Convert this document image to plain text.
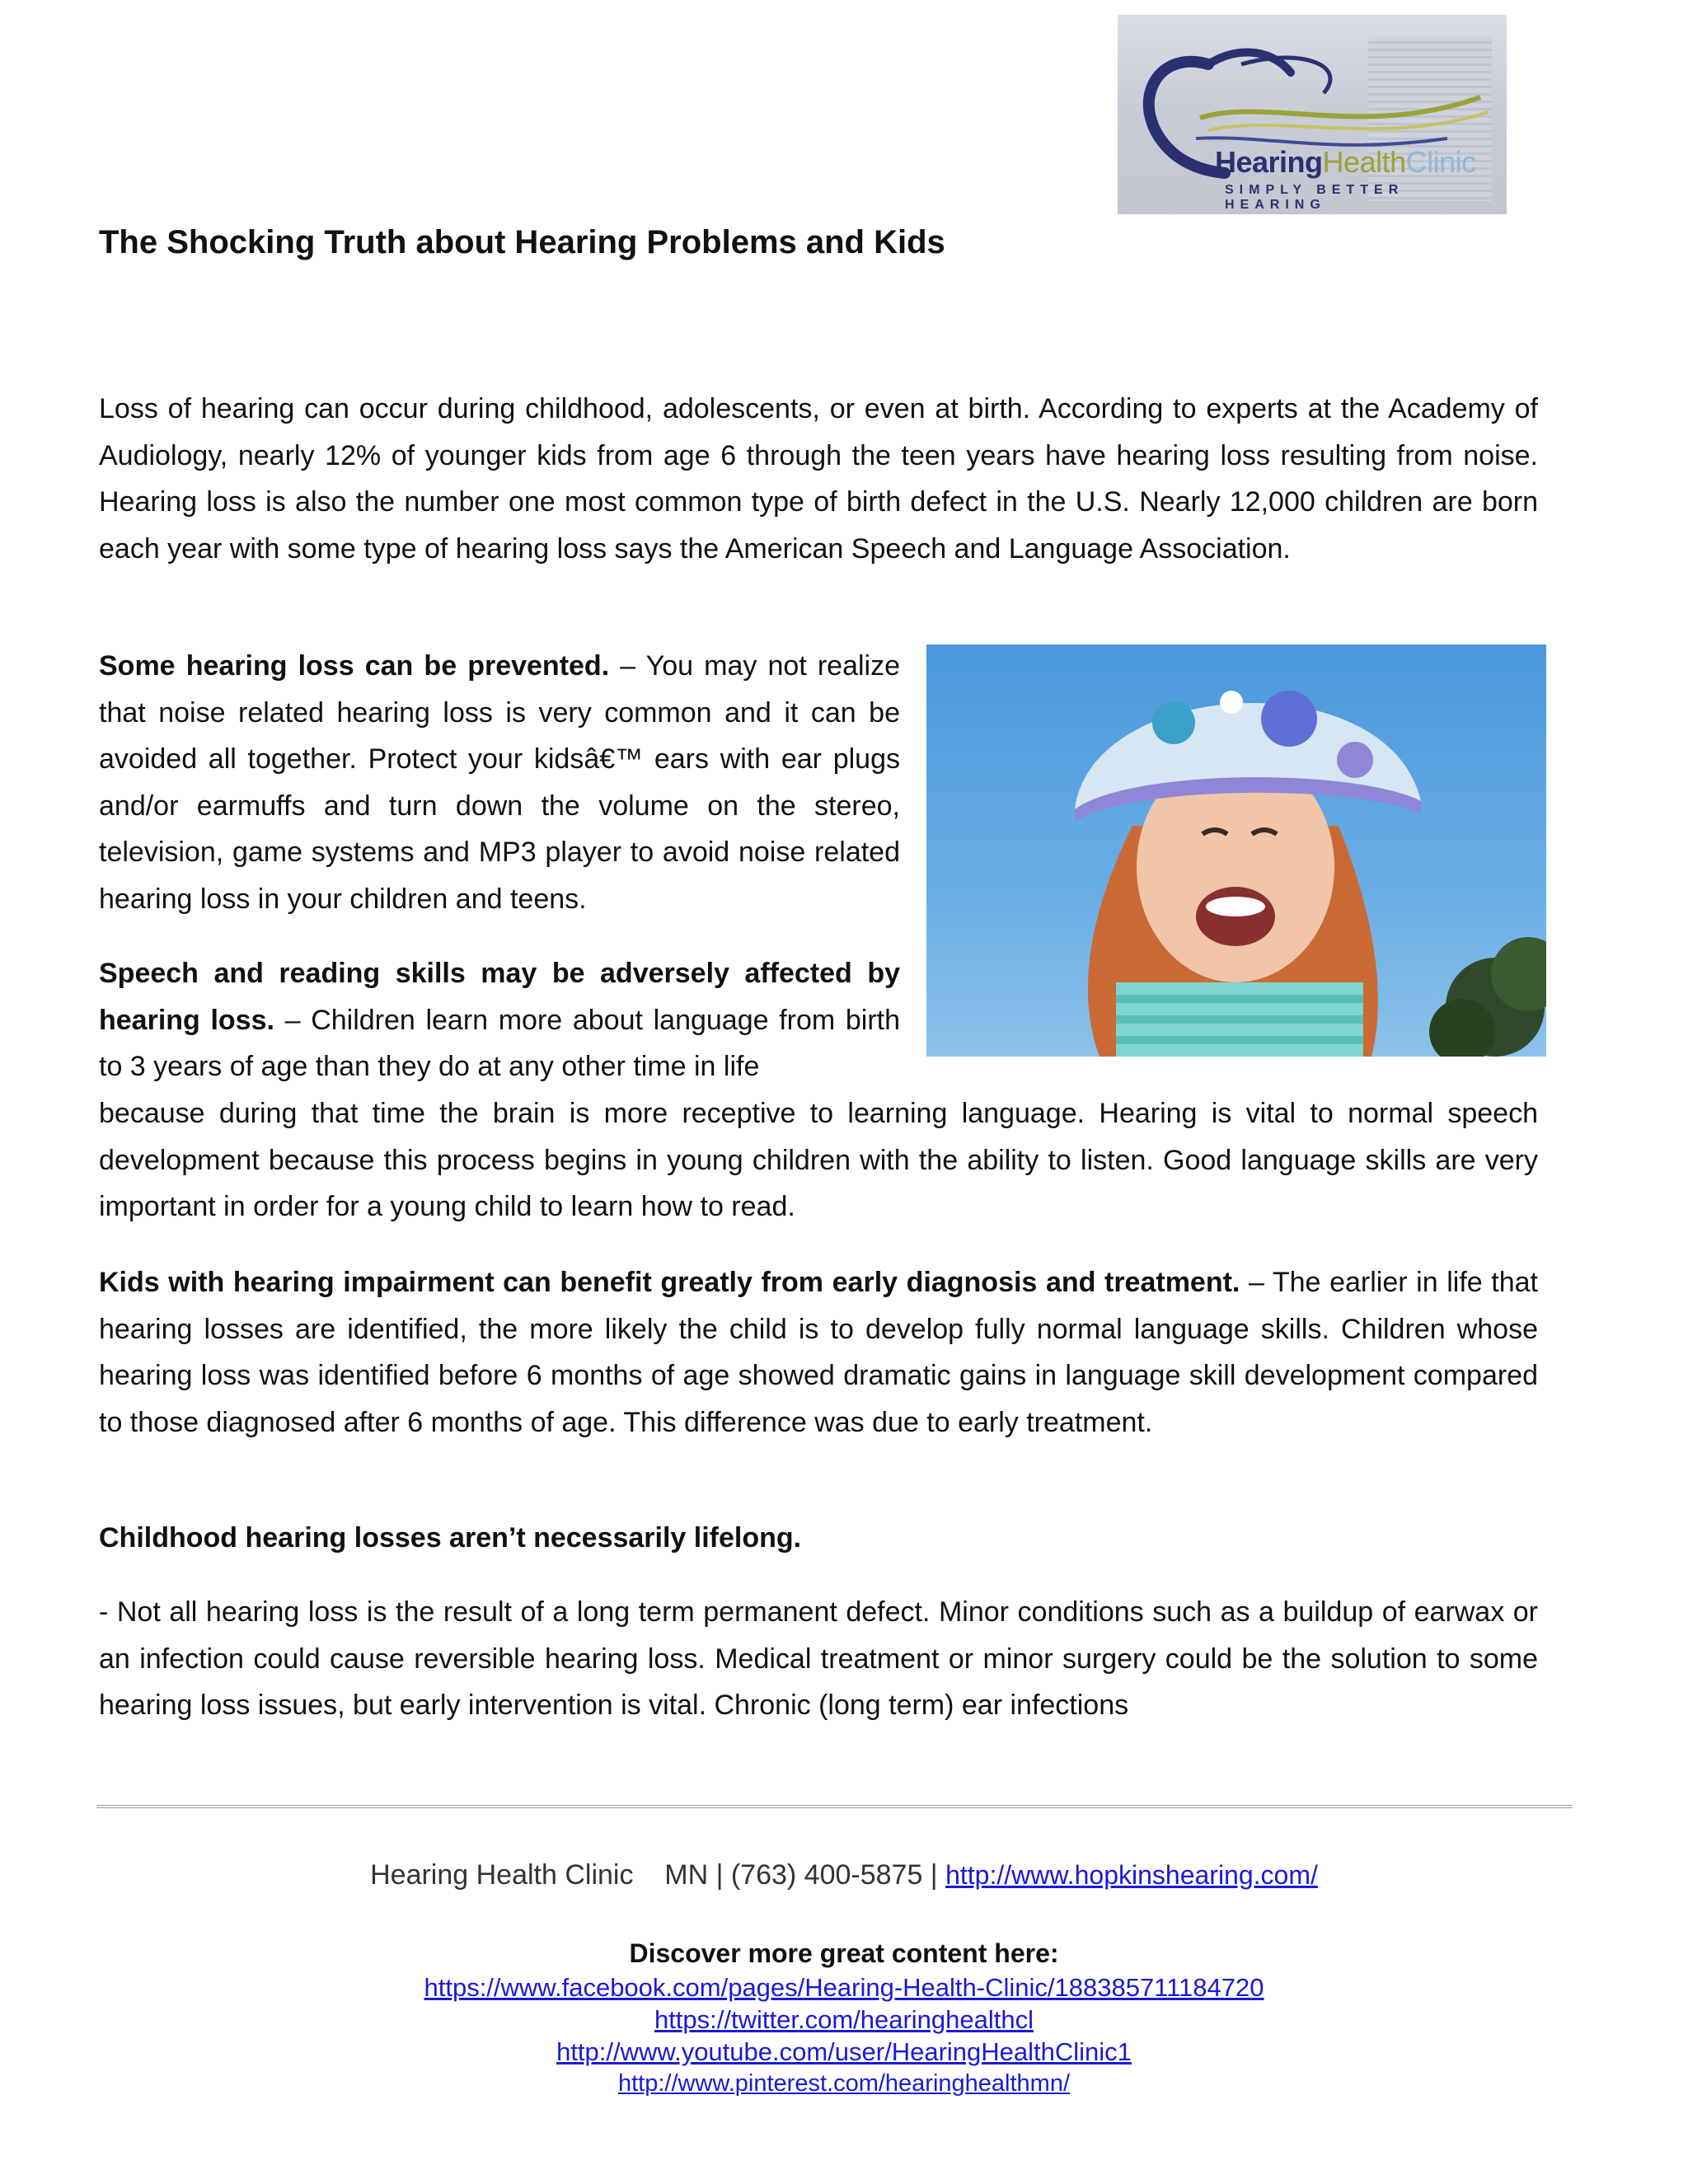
HearingHealthClinic
SIMPLY BETTER HEARING
The Shocking Truth about Hearing Problems and Kids

Loss of hearing can occur during childhood, adolescents, or even at birth. According to experts at the Academy of Audiology, nearly 12% of younger kids from age 6 through the teen years have hearing loss resulting from noise. Hearing loss is also the number one most common type of birth defect in the U.S. Nearly 12,000 children are born each year with some type of hearing loss says the American Speech and Language Association.

Some hearing loss can be prevented. – You may not realize that noise related hearing loss is very common and it can be avoided all together. Protect your kidsâ€™ ears with ear plugs and/or earmuffs and turn down the volume on the stereo, television, game systems and MP3 player to avoid noise related hearing loss in your children and teens.

Speech and reading skills may be adversely affected by hearing loss. – Children learn more about language from birth to 3 years of age than they do at any other time in life

because during that time the brain is more receptive to learning language. Hearing is vital to normal speech development because this process begins in young children with the ability to listen. Good language skills are very important in order for a young child to learn how to read.

Kids with hearing impairment can benefit greatly from early diagnosis and treatment. – The earlier in life that hearing losses are identified, the more likely the child is to develop fully normal language skills. Children whose hearing loss was identified before 6 months of age showed dramatic gains in language skill development compared to those diagnosed after 6 months of age. This difference was due to early treatment.

Childhood hearing losses aren’t necessarily lifelong.

- Not all hearing loss is the result of a long term permanent defect. Minor conditions such as a buildup of earwax or an infection could cause reversible hearing loss. Medical treatment or minor surgery could be the solution to some hearing loss issues, but early intervention is vital. Chronic (long term) ear infections

Hearing Health Clinic    MN | (763) 400-5875 | http://www.hopkinshearing.com/
Discover more great content here:
https://www.facebook.com/pages/Hearing-Health-Clinic/188385711184720
https://twitter.com/hearinghealthcl
http://www.youtube.com/user/HearingHealthClinic1
http://www.pinterest.com/hearinghealthmn/
